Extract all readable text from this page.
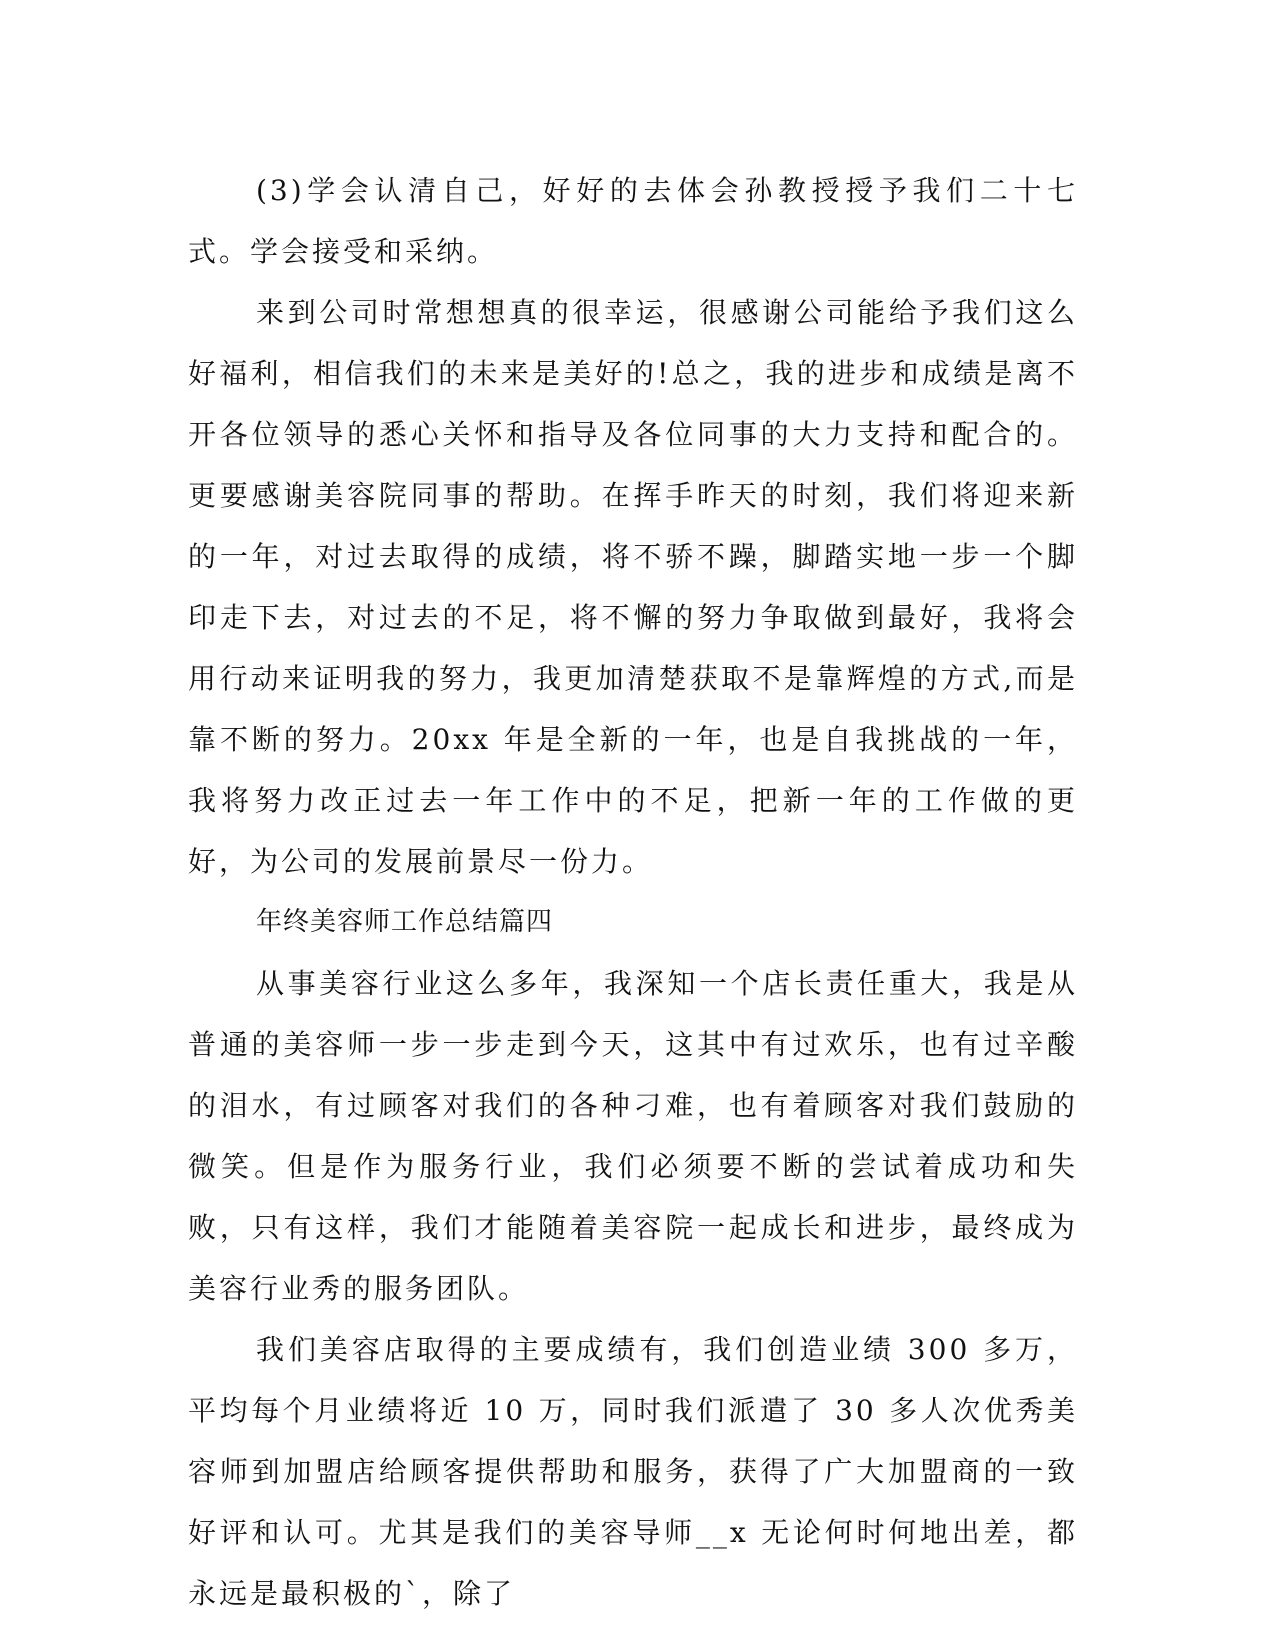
(3)学会认清自己，好好的去体会孙教授授予我们二十七式。学会接受和采纳。

来到公司时常想想真的很幸运，很感谢公司能给予我们这么好福利，相信我们的未来是美好的!总之，我的进步和成绩是离不开各位领导的悉心关怀和指导及各位同事的大力支持和配合的。更要感谢美容院同事的帮助。在挥手昨天的时刻，我们将迎来新的一年，对过去取得的成绩，将不骄不躁，脚踏实地一步一个脚印走下去，对过去的不足，将不懈的努力争取做到最好，我将会用行动来证明我的努力，我更加清楚获取不是靠辉煌的方式,而是靠不断的努力。20xx 年是全新的一年，也是自我挑战的一年，我将努力改正过去一年工作中的不足，把新一年的工作做的更好，为公司的发展前景尽一份力。

年终美容师工作总结篇四

从事美容行业这么多年，我深知一个店长责任重大，我是从普通的美容师一步一步走到今天，这其中有过欢乐，也有过辛酸的泪水，有过顾客对我们的各种刁难，也有着顾客对我们鼓励的微笑。但是作为服务行业，我们必须要不断的尝试着成功和失败，只有这样，我们才能随着美容院一起成长和进步，最终成为美容行业秀的服务团队。

我们美容店取得的主要成绩有，我们创造业绩 300 多万，平均每个月业绩将近 10 万，同时我们派遣了 30 多人次优秀美容师到加盟店给顾客提供帮助和服务，获得了广大加盟商的一致好评和认可。尤其是我们的美容导师__x 无论何时何地出差，都永远是最积极的`，除了
